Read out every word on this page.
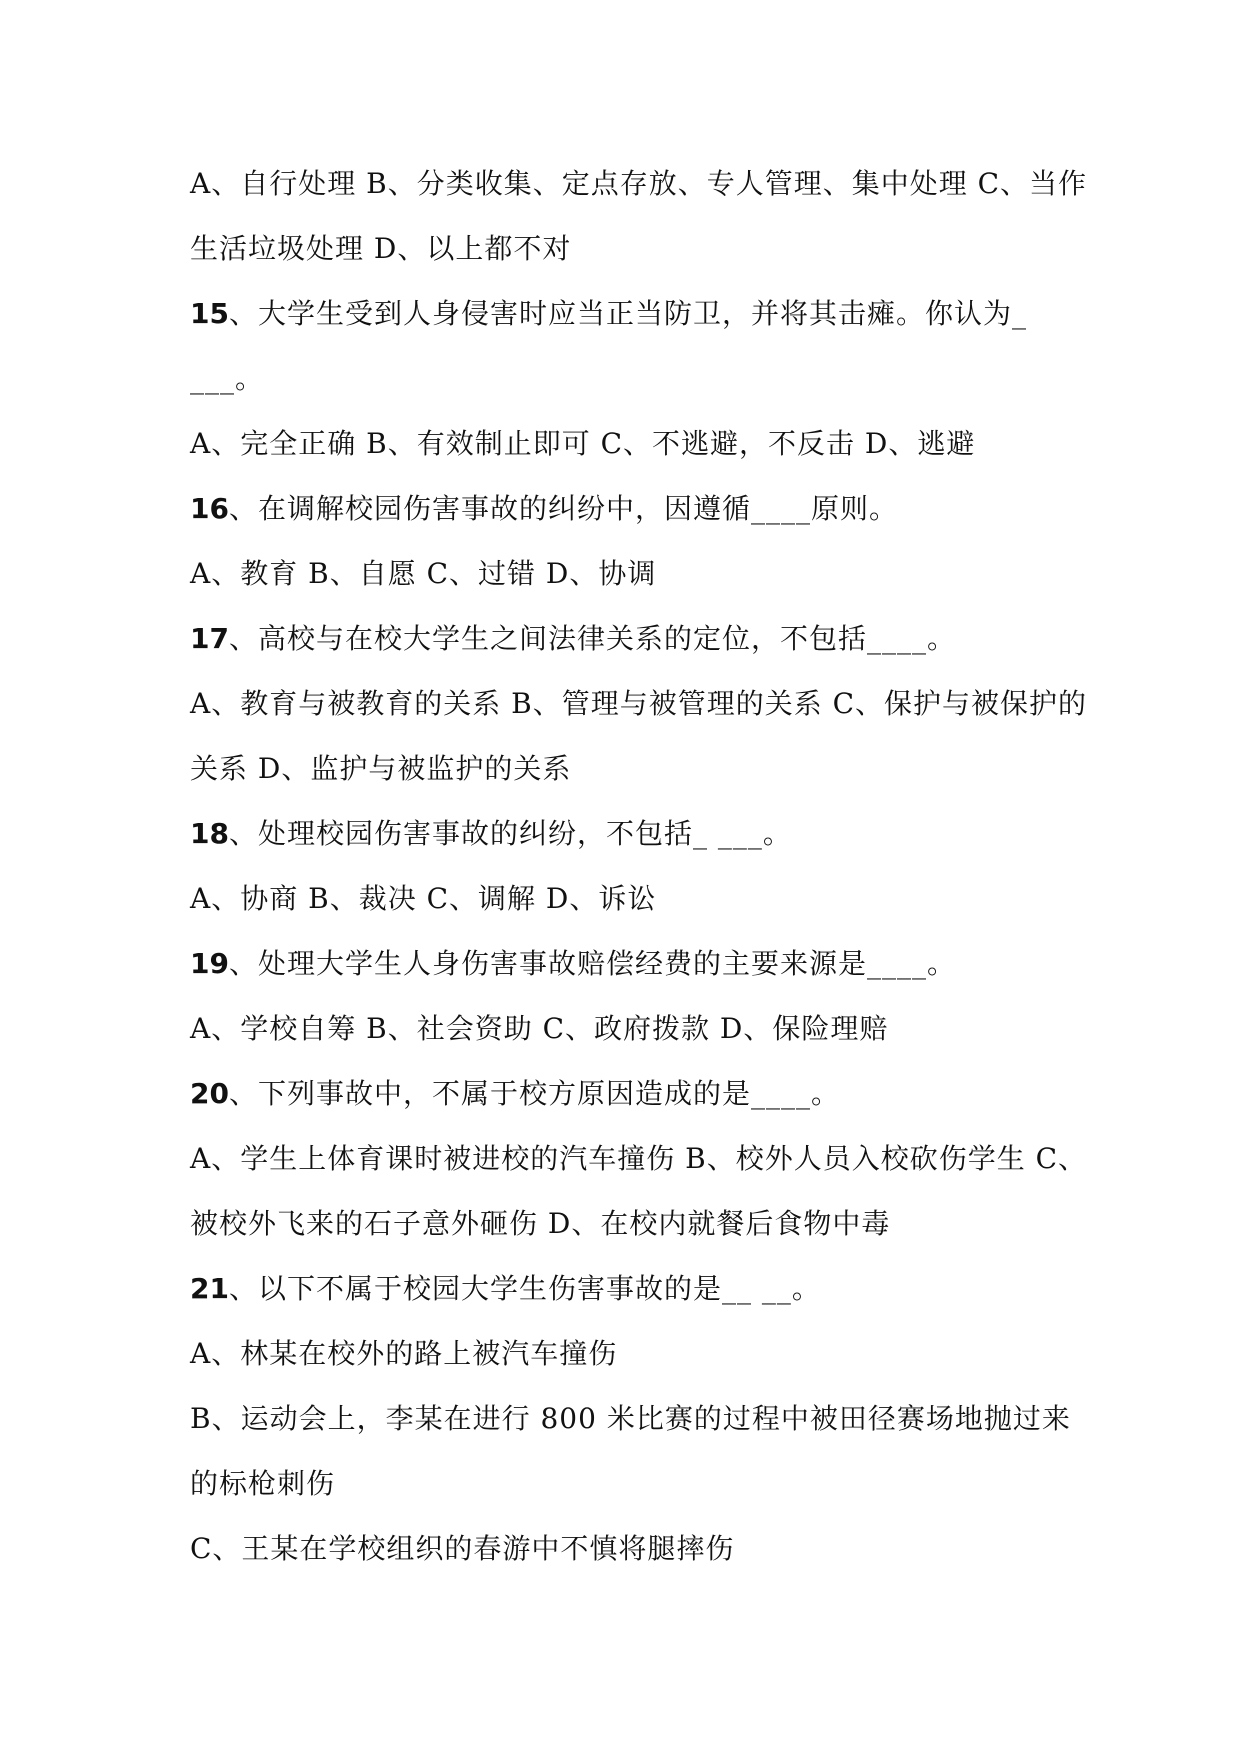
A、自行处理 B、分类收集、定点存放、专人管理、集中处理 C、当作
生活垃圾处理 D、以上都不对
15、大学生受到人身侵害时应当正当防卫，并将其击瘫。你认为_
___。
A、完全正确 B、有效制止即可 C、不逃避，不反击 D、逃避
16、在调解校园伤害事故的纠纷中，因遵循____原则。
A、教育 B、自愿 C、过错 D、协调
17、高校与在校大学生之间法律关系的定位，不包括____。
A、教育与被教育的关系 B、管理与被管理的关系 C、保护与被保护的
关系 D、监护与被监护的关系
18、处理校园伤害事故的纠纷，不包括_ ___。
A、协商 B、裁决 C、调解 D、诉讼
19、处理大学生人身伤害事故赔偿经费的主要来源是____。
A、学校自筹 B、社会资助 C、政府拨款 D、保险理赔
20、下列事故中，不属于校方原因造成的是____。
A、学生上体育课时被进校的汽车撞伤 B、校外人员入校砍伤学生 C、
被校外飞来的石子意外砸伤 D、在校内就餐后食物中毒
21、以下不属于校园大学生伤害事故的是__ __。
A、林某在校外的路上被汽车撞伤
B、运动会上，李某在进行 800 米比赛的过程中被田径赛场地抛过来
的标枪刺伤
C、王某在学校组织的春游中不慎将腿摔伤
